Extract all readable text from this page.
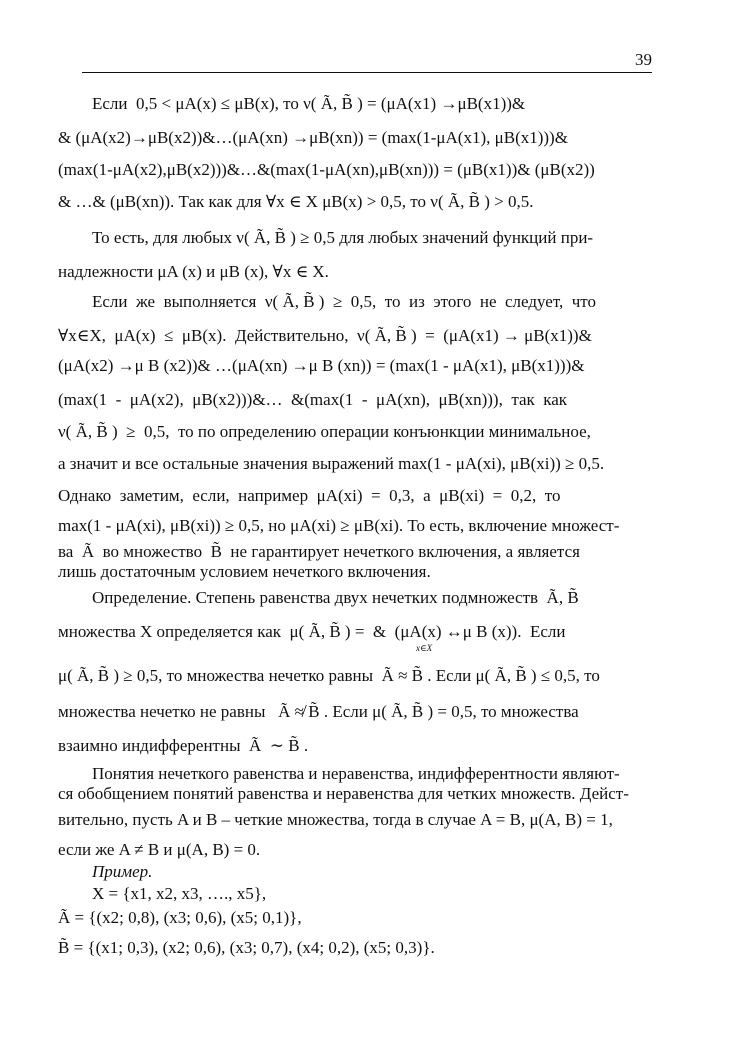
39
Если  0,5 < μA(x) ≤ μB(x), то ν( Ã, B̃ ) = (μA(x1) →μB(x1))&
& (μA(x2)→μB(x2))&…(μA(xn) →μB(xn)) = (max(1-μA(x1), μB(x1)))&
(max(1-μA(x2),μB(x2)))&…&(max(1-μA(xn),μB(xn))) = (μB(x1))& (μB(x2))
& …& (μB(xn)). Так как для ∀x ∈ X μB(x) > 0,5, то ν( Ã, B̃ ) > 0,5.
То есть, для любых ν( Ã, B̃ ) ≥ 0,5 для любых значений функций при-
надлежности μA (x) и μB (x), ∀x ∈ X.
Если  же  выполняется  ν( Ã, B̃ )  ≥  0,5,  то  из  этого  не  следует,  что
∀x∈X,  μA(x)  ≤  μB(x).  Действительно,  ν( Ã, B̃ )  =  (μA(x1) → μB(x1))&
(μA(x2) →μ B (x2))& …(μA(xn) →μ B (xn)) = (max(1 - μA(x1), μB(x1)))&
(max(1  -  μA(x2),  μB(x2)))&…  &(max(1  -  μA(xn),  μB(xn))),  так  как
ν( Ã, B̃ )  ≥  0,5,  то по определению операции конъюнкции минимальное,
а значит и все остальные значения выражений max(1 - μA(xi), μB(xi)) ≥ 0,5.
Однако  заметим,  если,  например  μA(xi)  =  0,3,  а  μB(xi)  =  0,2,  то
max(1 - μA(xi), μB(xi)) ≥ 0,5, но μA(xi) ≥ μB(xi). То есть, включение множест-
ва  Ã  во множество  B̃  не гарантирует нечеткого включения, а является
лишь достаточным условием нечеткого включения.
Определение. Степень равенства двух нечетких подмножеств  Ã, B̃
множества X определяется как  μ( Ã, B̃ ) =  &  (μA(x) ↔μ B (x)).  Если
x∈X
μ( Ã, B̃ ) ≥ 0,5, то множества нечетко равны  Ã ≈ B̃ . Если μ( Ã, B̃ ) ≤ 0,5, то
множества нечетко не равны   Ã ≉ B̃ . Если μ( Ã, B̃ ) = 0,5, то множества
взаимно индифферентны  Ã  ∼ B̃ .
Понятия нечеткого равенства и неравенства, индифферентности являют-
ся обобщением понятий равенства и неравенства для четких множеств. Дейст-
вительно, пусть A и B – четкие множества, тогда в случае A = B, μ(A, B) = 1,
если же A ≠ B и μ(A, B) = 0.
Пример.
X = {x1, x2, x3, …., x5},
Ã = {(x2; 0,8), (x3; 0,6), (x5; 0,1)},
B̃ = {(x1; 0,3), (x2; 0,6), (x3; 0,7), (x4; 0,2), (x5; 0,3)}.
